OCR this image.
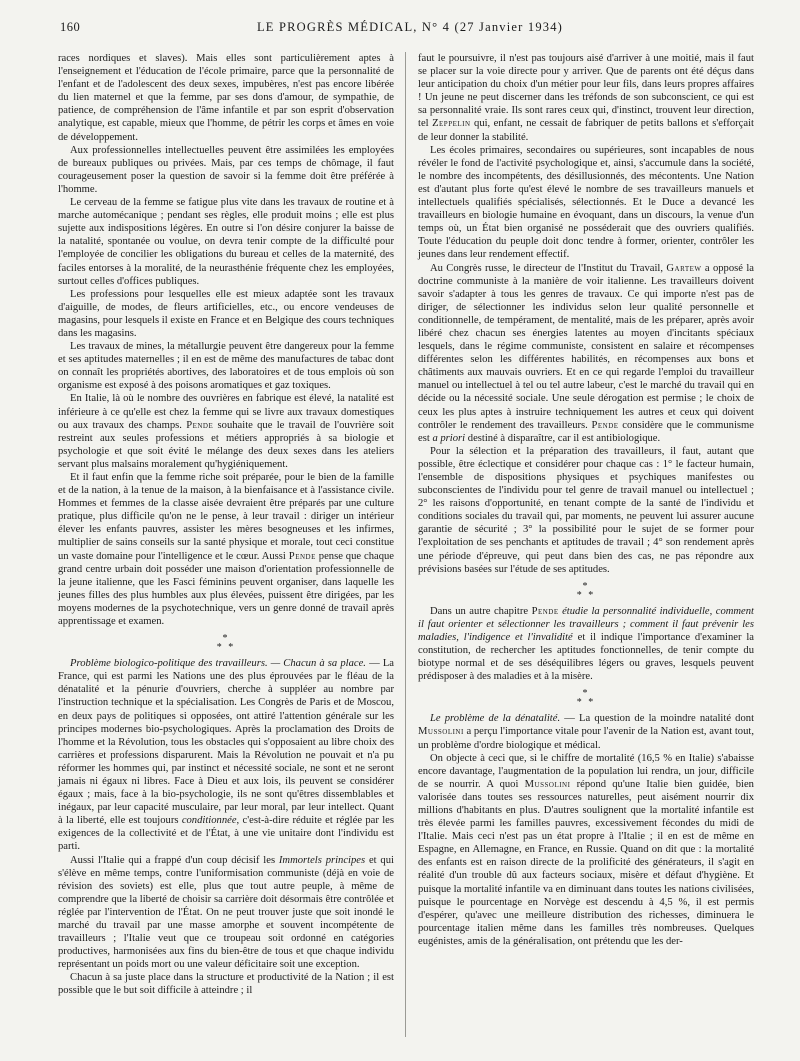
160	LE PROGRÈS MÉDICAL, N° 4 (27 Janvier 1934)

races nordiques et slaves). Mais elles sont particulièrement aptes à l'enseignement et l'éducation de l'école primaire, parce que la personnalité de l'enfant et de l'adolescent des deux sexes, impubères, n'est pas encore libérée du lien maternel et que la femme, par ses dons d'amour, de sympathie, de patience, de compréhension de l'âme infantile et par son esprit d'observation analytique, est capable, mieux que l'homme, de pétrir les corps et âmes en voie de développement.

Aux professionnelles intellectuelles peuvent être assimilées les employées de bureaux publiques ou privées. Mais, par ces temps de chômage, il faut courageusement poser la question de savoir si la femme doit être préférée à l'homme.

Le cerveau de la femme se fatigue plus vite dans les travaux de routine et à marche automécanique ; pendant ses règles, elle produit moins ; elle est plus sujette aux indispositions légères. En outre si l'on désire conjurer la baisse de la natalité, spontanée ou voulue, on devra tenir compte de la difficulté pour l'employée de concilier les obligations du bureau et celles de la maternité, des faciles entorses à la moralité, de la neurasthénie fréquente chez les employées, surtout celles d'offices publiques.

Les professions pour lesquelles elle est mieux adaptée sont les travaux d'aiguille, de modes, de fleurs artificielles, etc., ou encore vendeuses de magasins, pour lesquels il existe en France et en Belgique des cours techniques dans les magasins.

Les travaux de mines, la métallurgie peuvent être dangereux pour la femme et ses aptitudes maternelles ; il en est de même des manufactures de tabac dont on connaît les propriétés abortives, des laboratoires et de tous emplois où son organisme est exposé à des poisons aromatiques et gaz toxiques.

En Italie, là où le nombre des ouvrières en fabrique est élevé, la natalité est inférieure à ce qu'elle est chez la femme qui se livre aux travaux domestiques ou aux travaux des champs. Pende souhaite que le travail de l'ouvrière soit restreint aux seules professions et métiers appropriés à sa biologie et psychologie et que soit évité le mélange des deux sexes dans les ateliers servant plus malsains moralement qu'hygiéniquement.

Et il faut enfin que la femme riche soit préparée, pour le bien de la famille et de la nation, à la tenue de la maison, à la bienfaisance et à l'assistance civile. Hommes et femmes de la classe aisée devraient être préparés par une culture pratique, plus difficile qu'on ne le pense, à leur travail : diriger un intérieur élever les enfants pauvres, assister les mères besogneuses et les infirmes, multiplier de sains conseils sur la santé physique et morale, tout ceci constitue un vaste domaine pour l'intelligence et le cœur. Aussi Pende pense que chaque grand centre urbain doit posséder une maison d'orientation professionnelle de la jeune italienne, que les Fasci féminins peuvent organiser, dans laquelle les jeunes filles des plus humbles aux plus élevées, puissent être dirigées, par les moyens modernes de la psychotechnique, vers un genre donné de travail après apprentissage et examen.

*
* *

Problème biologico-politique des travailleurs. — Chacun à sa place. — La France, qui est parmi les Nations une des plus éprouvées par le fléau de la dénatalité et la pénurie d'ouvriers, cherche à suppléer au nombre par l'instruction technique et la spécialisation. Les Congrès de Paris et de Moscou, en deux pays de politiques si opposées, ont attiré l'attention générale sur les principes modernes bio-psychologiques. Après la proclamation des Droits de l'homme et la Révolution, tous les obstacles qui s'opposaient au libre choix des carrières et professions disparurent. Mais la Révolution ne pouvait et n'a pu réformer les hommes qui, par instinct et nécessité sociale, ne sont et ne seront jamais ni égaux ni libres. Face à Dieu et aux lois, ils peuvent se considérer égaux ; mais, face à la bio-psychologie, ils ne sont qu'êtres dissemblables et inégaux, par leur capacité musculaire, par leur moral, par leur intellect. Quant à la liberté, elle est toujours conditionnée, c'est-à-dire réduite et réglée par les exigences de la collectivité et de l'État, à une vie unitaire dont l'individu est parti.

Aussi l'Italie qui a frappé d'un coup décisif les Immortels principes et qui s'élève en même temps, contre l'uniformisation communiste (déjà en voie de révision des soviets) est elle, plus que tout autre peuple, à même de comprendre que la liberté de choisir sa carrière doit désormais être contrôlée et réglée par l'intervention de l'État. On ne peut trouver juste que soit inondé le marché du travail par une masse amorphe et souvent incompétente de travailleurs ; l'Italie veut que ce troupeau soit ordonné en catégories productives, harmonisées aux fins du bien-être de tous et que chaque individu représentant un poids mort ou une valeur déficitaire soit une exception.

Chacun à sa juste place dans la structure et productivité de la Nation ; il est possible que le but soit difficile à atteindre ; il

faut le poursuivre, il n'est pas toujours aisé d'arriver à une moitié, mais il faut se placer sur la voie directe pour y arriver. Que de parents ont été déçus dans leur anticipation du choix d'un métier pour leur fils, dans leurs propres affaires ! Un jeune ne peut discerner dans les tréfonds de son subconscient, ce qui est sa personnalité vraie. Ils sont rares ceux qui, d'instinct, trouvent leur direction, tel Zeppelin qui, enfant, ne cessait de fabriquer de petits ballons et s'efforçait de leur donner la stabilité.

Les écoles primaires, secondaires ou supérieures, sont incapables de nous révéler le fond de l'activité psychologique et, ainsi, s'accumule dans la société, le nombre des incompétents, des désillusionnés, des mécontents. Une Nation est d'autant plus forte qu'est élevé le nombre de ses travailleurs manuels et intellectuels qualifiés spécialisés, sélectionnés. Et le Duce a devancé les travailleurs en biologie humaine en évoquant, dans un discours, la venue d'un temps où, un État bien organisé ne posséderait que des ouvriers qualifiés. Toute l'éducation du peuple doit donc tendre à former, orienter, contrôler les jeunes dans leur rendement effectif.

Au Congrès russe, le directeur de l'Institut du Travail, Gartew a opposé la doctrine communiste à la manière de voir italienne. Les travailleurs doivent savoir s'adapter à tous les genres de travaux. Ce qui importe n'est pas de diriger, de sélectionner les individus selon leur qualité personnelle et conditionnelle, de tempérament, de mentalité, mais de les préparer, après avoir libéré chez chacun ses énergies latentes au moyen d'incitants spéciaux lesquels, dans le régime communiste, consistent en salaire et récompenses différentes selon les différentes habilités, en récompenses aux bons et châtiments aux mauvais ouvriers. Et en ce qui regarde l'emploi du travailleur manuel ou intellectuel à tel ou tel autre labeur, c'est le marché du travail qui en décide ou la nécessité sociale. Une seule dérogation est permise ; le choix de ceux les plus aptes à instruire techniquement les autres et ceux qui doivent contrôler le rendement des travailleurs. Pende considère que le communisme est a priori destiné à disparaître, car il est antibiologique.

Pour la sélection et la préparation des travailleurs, il faut, autant que possible, être éclectique et considérer pour chaque cas : 1° le facteur humain, l'ensemble de dispositions physiques et psychiques manifestes ou subconscientes de l'individu pour tel genre de travail manuel ou intellectuel ; 2° les raisons d'opportunité, en tenant compte de la santé de l'individu et conditions sociales du travail qui, par moments, ne peuvent lui assurer aucune garantie de sécurité ; 3° la possibilité pour le sujet de se former pour l'exploitation de ses penchants et aptitudes de travail ; 4° son rendement après une période d'épreuve, qui peut dans bien des cas, ne pas répondre aux prévisions basées sur l'étude de ses aptitudes.

*
* *

Dans un autre chapitre Pende étudie la personnalité individuelle, comment il faut orienter et sélectionner les travailleurs ; comment il faut prévenir les maladies, l'indigence et l'invalidité et il indique l'importance d'examiner la constitution, de rechercher les aptitudes fonctionnelles, de tenir compte du biotype normal et de ses déséquilibres légers ou graves, lesquels peuvent prédisposer à des maladies et à la misère.

*
* *

Le problème de la dénatalité. — La question de la moindre natalité dont Mussolini a perçu l'importance vitale pour l'avenir de la Nation est, avant tout, un problème d'ordre biologique et médical.

On objecte à ceci que, si le chiffre de mortalité (16,5 % en Italie) s'abaisse encore davantage, l'augmentation de la population lui rendra, un jour, difficile de se nourrir. A quoi Mussolini répond qu'une Italie bien guidée, bien valorisée dans toutes ses ressources naturelles, peut aisément nourrir dix millions d'habitants en plus. D'autres soulignent que la mortalité infantile est très élevée parmi les familles pauvres, excessivement fécondes du midi de l'Italie. Mais ceci n'est pas un état propre à l'Italie ; il en est de même en Espagne, en Allemagne, en France, en Russie. Quand on dit que : la mortalité des enfants est en raison directe de la prolificité des générateurs, il s'agit en réalité d'un trouble dû aux facteurs sociaux, misère et défaut d'hygiène. Et puisque la mortalité infantile va en diminuant dans toutes les nations civilisées, puisque le pourcentage en Norvège est descendu à 4,5 %, il est permis d'espérer, qu'avec une meilleure distribution des richesses, diminuera le pourcentage italien même dans les familles très nombreuses. Quelques eugénistes, amis de la généralisation, ont prétendu que les der-
